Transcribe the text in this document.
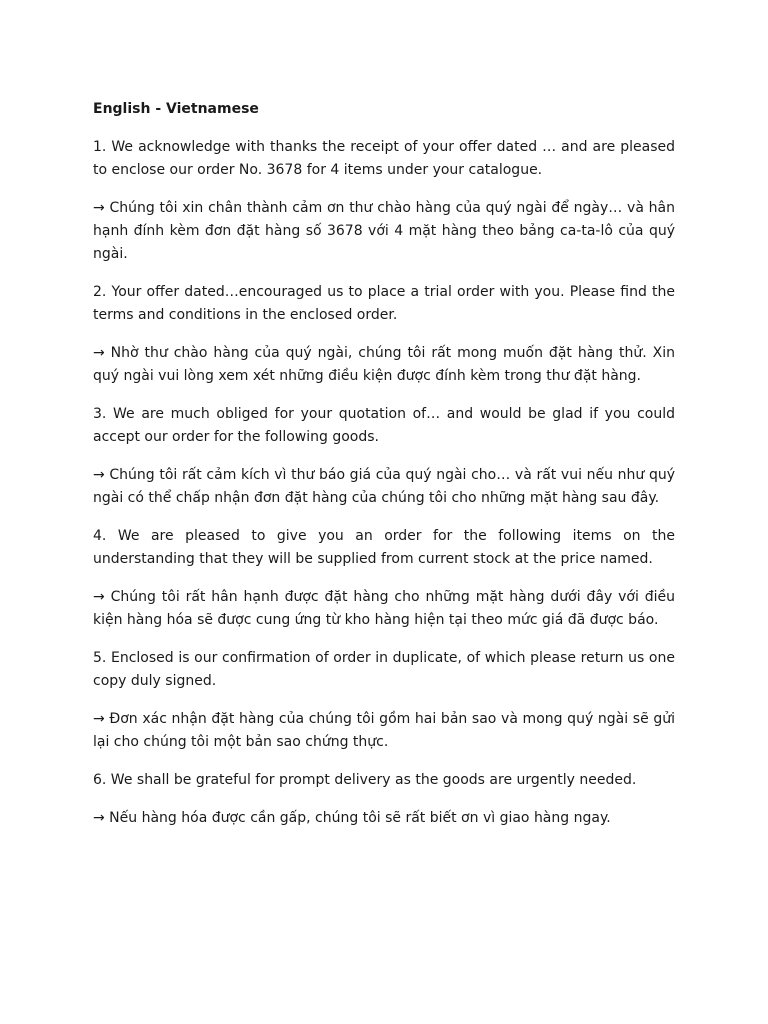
English - Vietnamese

1. We acknowledge with thanks the receipt of your offer dated … and are pleased to enclose our order No. 3678 for 4 items under your catalogue.

→ Chúng tôi xin chân thành cảm ơn thư chào hàng của quý ngài để ngày… và hân hạnh đính kèm đơn đặt hàng số 3678 với 4 mặt hàng theo bảng ca-ta-lô của quý ngài.

2. Your offer dated…encouraged us to place a trial order with you. Please find the terms and conditions in the enclosed order.

→ Nhờ thư chào hàng của quý ngài, chúng tôi rất mong muốn đặt hàng thử. Xin quý ngài vui lòng xem xét những điều kiện được đính kèm trong thư đặt hàng.

3. We are much obliged for your quotation of… and would be glad if you could accept our order for the following goods.

→ Chúng tôi rất cảm kích vì thư báo giá của quý ngài cho… và rất vui nếu như quý ngài có thể chấp nhận đơn đặt hàng của chúng tôi cho những mặt hàng sau đây.

4. We are pleased to give you an order for the following items on the understanding that they will be supplied from current stock at the price named.

→ Chúng tôi rất hân hạnh được đặt hàng cho những mặt hàng dưới đây với điều kiện hàng hóa sẽ được cung ứng từ kho hàng hiện tại theo mức giá đã được báo.

5. Enclosed is our confirmation of order in duplicate, of which please return us one copy duly signed.

→ Đơn xác nhận đặt hàng của chúng tôi gồm hai bản sao và mong quý ngài sẽ gửi lại cho chúng tôi một bản sao chứng thực.

6. We shall be grateful for prompt delivery as the goods are urgently needed.

→ Nếu hàng hóa được cần gấp, chúng tôi sẽ rất biết ơn vì giao hàng ngay.
